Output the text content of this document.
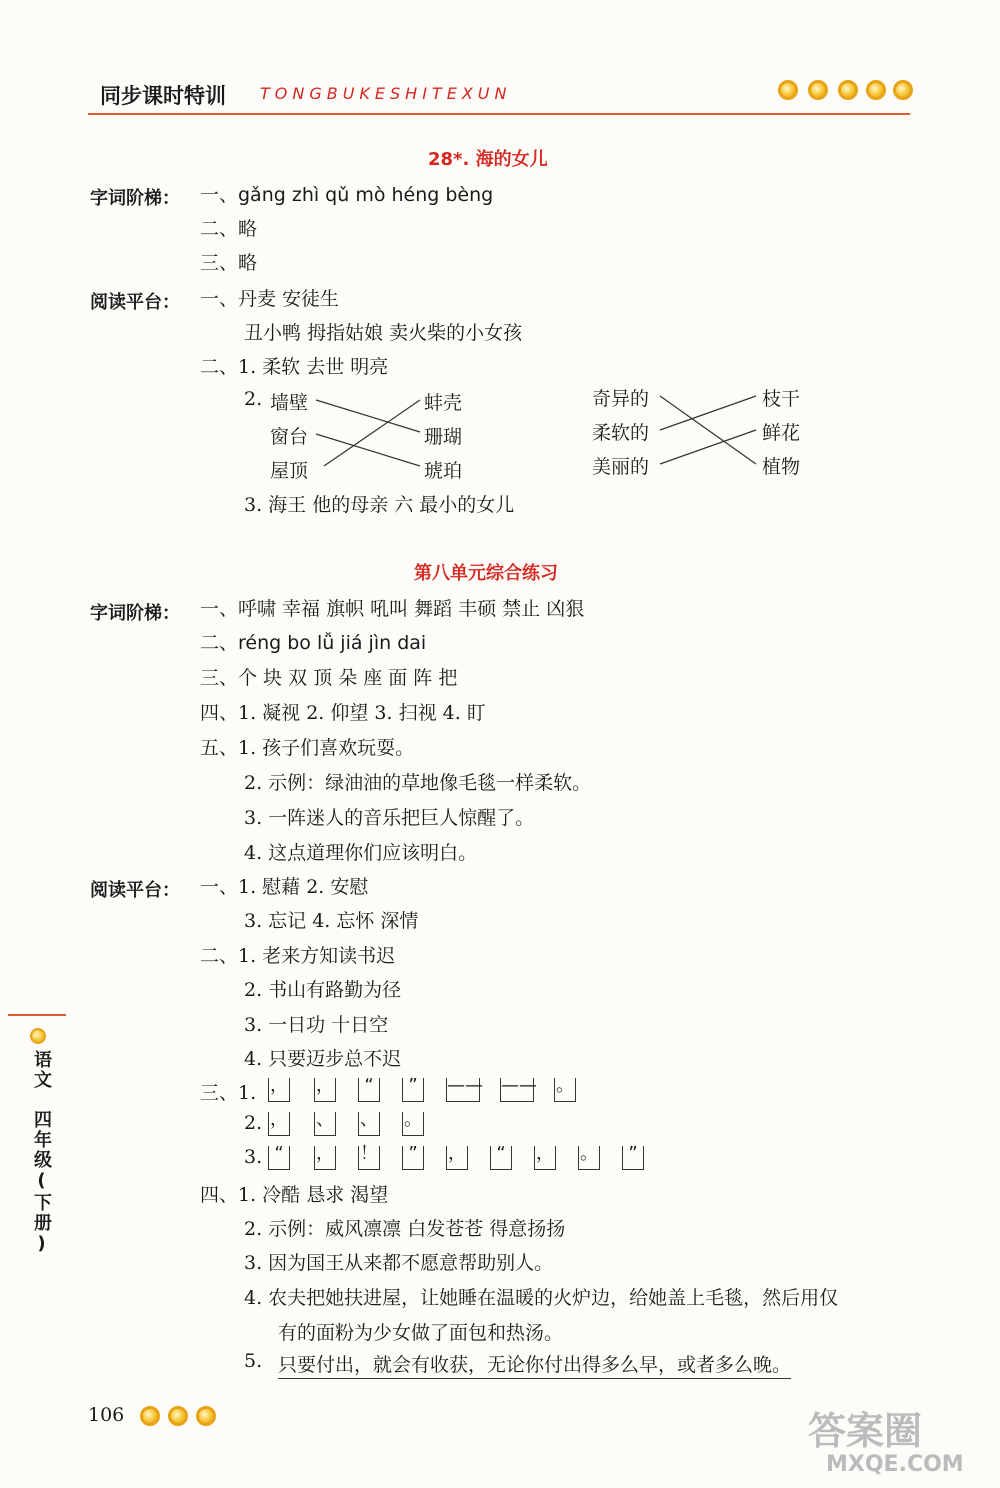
同步课时特训 TONGBUKESHITEXUN
28*. 海的女儿
字词阶梯： 一、gǎng zhì qǔ mò héng bèng
二、略
三、略
阅读平台： 一、丹麦 安徒生
丑小鸭 拇指姑娘 卖火柴的小女孩
二、1. 柔软 去世 明亮
2. 墙壁
窗台
屋顶
蚌壳
珊瑚
琥珀
奇异的
柔软的
美丽的
枝干
鲜花
植物
3. 海王 他的母亲 六 最小的女儿
第八单元综合练习
字词阶梯： 一、呼啸 幸福 旗帜 吼叫 舞蹈 丰硕 禁止 凶狠
二、réng bo lǚ jiá jìn dai
三、个 块 双 顶 朵 座 面 阵 把
四、1. 凝视 2. 仰望 3. 扫视 4. 盯
五、1. 孩子们喜欢玩耍。
2. 示例：绿油油的草地像毛毯一样柔软。
3. 一阵迷人的音乐把巨人惊醒了。
4. 这点道理你们应该明白。
阅读平台： 一、1. 慰藉 2. 安慰
3. 忘记 4. 忘怀 深情
二、1. 老来方知读书迟
2. 书山有路勤为径
3. 一日功 十日空
4. 只要迈步总不迟
三、1. ， ，	“	”	—— —— 。
2. ， 、 、 。
3. “	， ！	”	，	“	， 。	”
四、1. 冷酷 恳求 渴望
2. 示例：威风凛凛 白发苍苍 得意扬扬
3. 因为国王从来都不愿意帮助别人。
4. 农夫把她扶进屋，让她睡在温暖的火炉边，给她盖上毛毯，然后用仅
有的面粉为少女做了面包和热汤。
5. 只要付出，就会有收获，无论你付出得多么早，或者多么晚。
语文
四年级(下册)
106	答案圈
MXQE.COM
